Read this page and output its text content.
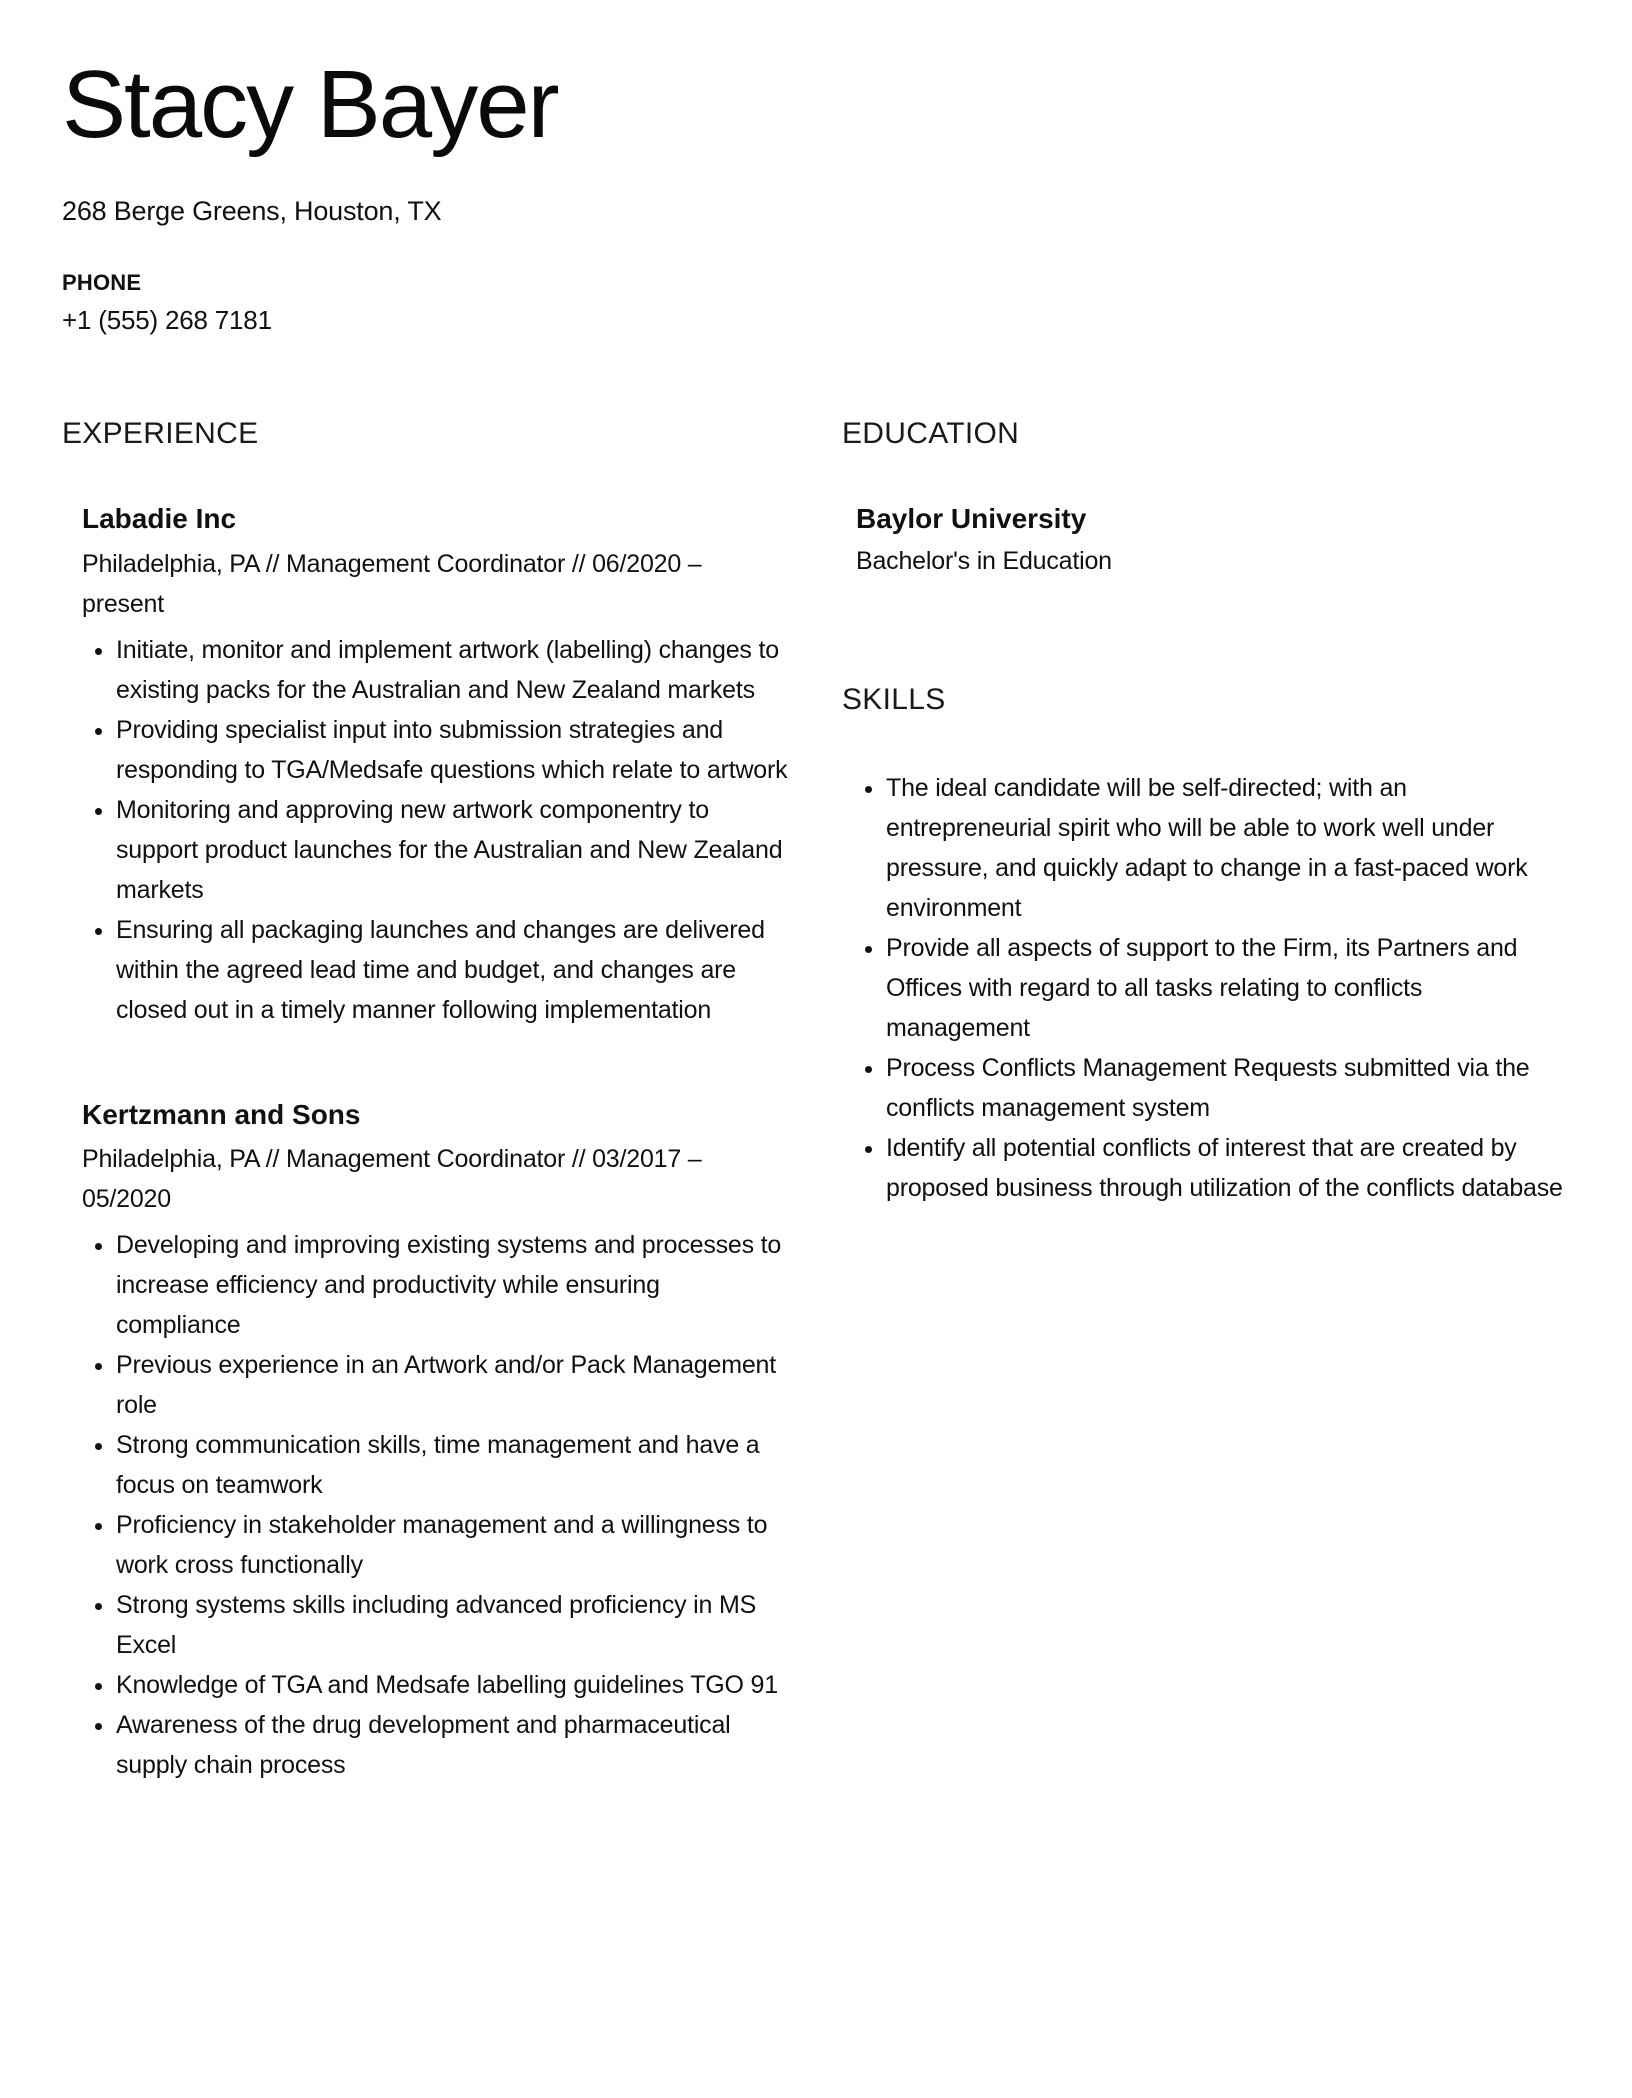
Stacy Bayer

268 Berge Greens, Houston, TX

PHONE

+1 (555) 268 7181

EXPERIENCE
Labadie Inc

Philadelphia, PA // Management Coordinator // 06/2020 – present

• Initiate, monitor and implement artwork (labelling) changes to existing packs for the Australian and New Zealand markets
• Providing specialist input into submission strategies and responding to TGA/Medsafe questions which relate to artwork
• Monitoring and approving new artwork componentry to support product launches for the Australian and New Zealand markets
• Ensuring all packaging launches and changes are delivered within the agreed lead time and budget, and changes are closed out in a timely manner following implementation
Kertzmann and Sons

Philadelphia, PA // Management Coordinator // 03/2017 – 05/2020

• Developing and improving existing systems and processes to increase efficiency and productivity while ensuring compliance
• Previous experience in an Artwork and/or Pack Management role
• Strong communication skills, time management and have a focus on teamwork
• Proficiency in stakeholder management and a willingness to work cross functionally
• Strong systems skills including advanced proficiency in MS Excel
• Knowledge of TGA and Medsafe labelling guidelines TGO 91
• Awareness of the drug development and pharmaceutical supply chain process
EDUCATION
Baylor University

Bachelor's in Education

SKILLS
• The ideal candidate will be self-directed; with an entrepreneurial spirit who will be able to work well under pressure, and quickly adapt to change in a fast-paced work environment
• Provide all aspects of support to the Firm, its Partners and Offices with regard to all tasks relating to conflicts management
• Process Conflicts Management Requests submitted via the conflicts management system
• Identify all potential conflicts of interest that are created by proposed business through utilization of the conflicts database
